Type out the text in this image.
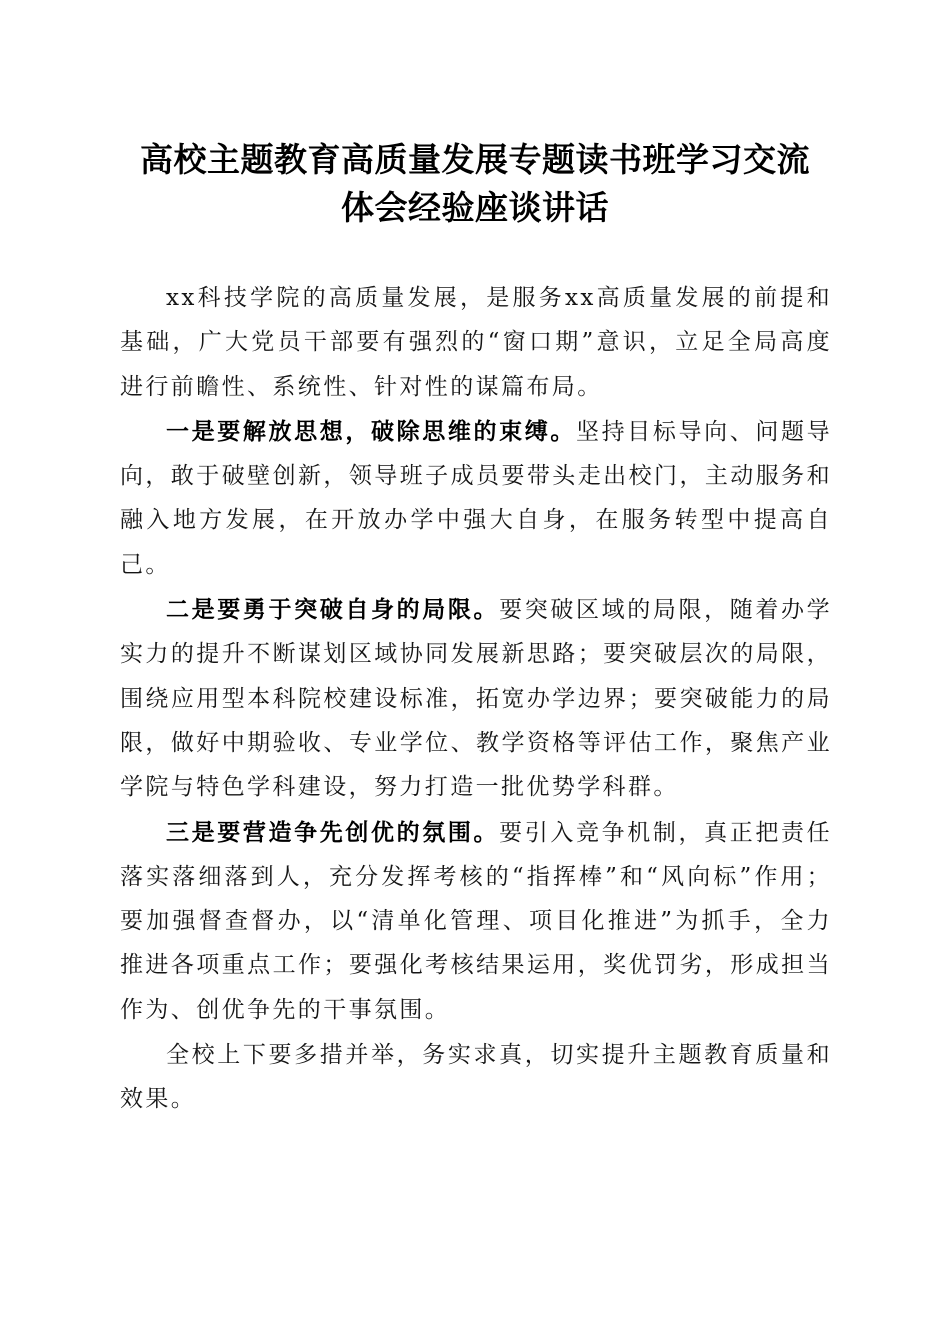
高校主题教育高质量发展专题读书班学习交流
体会经验座谈讲话

xx科技学院的高质量发展，是服务xx高质量发展的前提和基础，广大党员干部要有强烈的“窗口期”意识，立足全局高度进行前瞻性、系统性、针对性的谋篇布局。

一是要解放思想，破除思维的束缚。坚持目标导向、问题导向，敢于破壁创新，领导班子成员要带头走出校门，主动服务和融入地方发展，在开放办学中强大自身，在服务转型中提高自己。

二是要勇于突破自身的局限。要突破区域的局限，随着办学实力的提升不断谋划区域协同发展新思路；要突破层次的局限，围绕应用型本科院校建设标准，拓宽办学边界；要突破能力的局限，做好中期验收、专业学位、教学资格等评估工作，聚焦产业学院与特色学科建设，努力打造一批优势学科群。

三是要营造争先创优的氛围。要引入竞争机制，真正把责任落实落细落到人，充分发挥考核的“指挥棒”和“风向标”作用；要加强督查督办，以“清单化管理、项目化推进”为抓手，全力推进各项重点工作；要强化考核结果运用，奖优罚劣，形成担当作为、创优争先的干事氛围。

全校上下要多措并举，务实求真，切实提升主题教育质量和效果。
